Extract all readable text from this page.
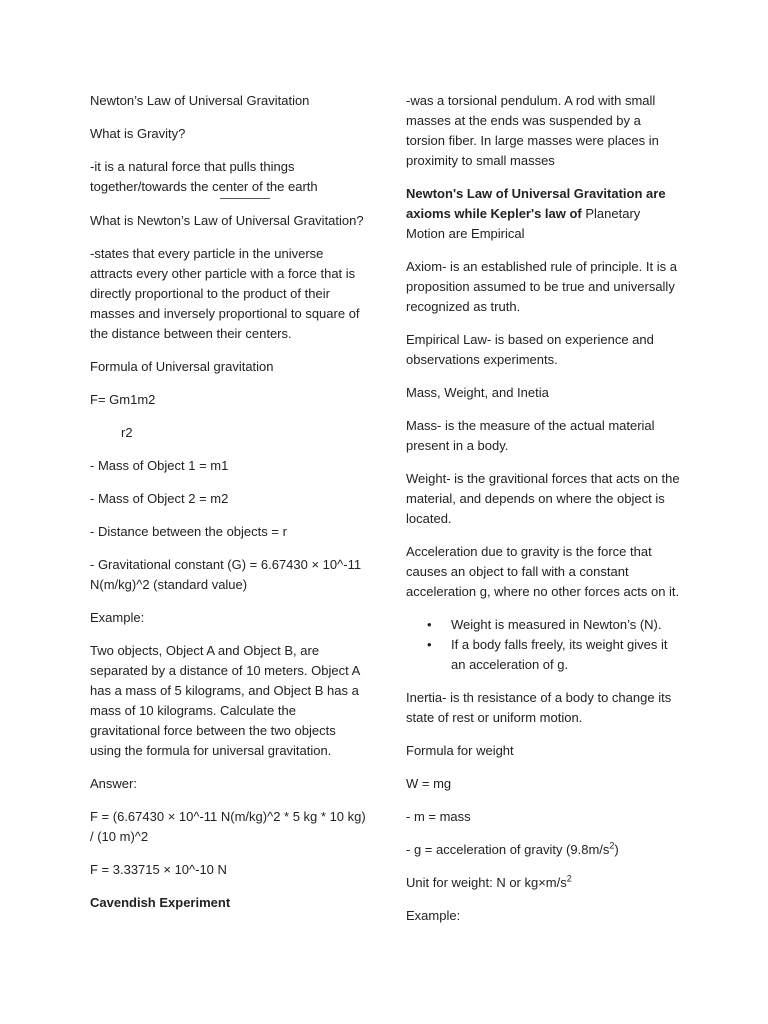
Newton’s Law of Universal Gravitation

What is Gravity?

-it is a natural force that pulls things together/towards the center of the earth

What is Newton’s Law of Universal Gravitation?

-states that every particle in the universe attracts every other particle with a force that is directly proportional to the product of their masses and inversely proportional to square of the distance between their centers.

Formula of Universal gravitation

F= Gm1m2

r2

- Mass of Object 1 = m1

- Mass of Object 2 = m2

- Distance between the objects = r

- Gravitational constant (G) = 6.67430 × 10^-11 N(m/kg)^2 (standard value)

Example:

Two objects, Object A and Object B, are separated by a distance of 10 meters. Object A has a mass of 5 kilograms, and Object B has a mass of 10 kilograms. Calculate the gravitational force between the two objects using the formula for universal gravitation.

Answer:

F = (6.67430 × 10^-11 N(m/kg)^2 * 5 kg * 10 kg) / (10 m)^2

F = 3.33715 × 10^-10 N

Cavendish Experiment

-was a torsional pendulum. A rod with small masses at the ends was suspended by a torsion fiber. In large masses were places in proximity to small masses

Newton's Law of Universal Gravitation are axioms while Kepler's law of Planetary Motion are Empirical

Axiom- is an established rule of principle. It is a proposition assumed to be true and universally recognized as truth.

Empirical Law- is based on experience and observations experiments.

Mass, Weight, and Inetia

Mass- is the measure of the actual material present in a body.

Weight- is the gravitional forces that acts on the material, and depends on where the object is located.

Acceleration due to gravity is the force that causes an object to fall with a constant acceleration g, where no other forces acts on it.

• Weight is measured in Newton’s (N).
• If a body falls freely, its weight gives it an acceleration of g.

Inertia- is th resistance of a body to change its state of rest or uniform motion.

Formula for weight

W = mg

- m = mass

- g = acceleration of gravity $(9.8m/s^2)$

Unit for weight: N or $kg\times m/s^2$

Example:
